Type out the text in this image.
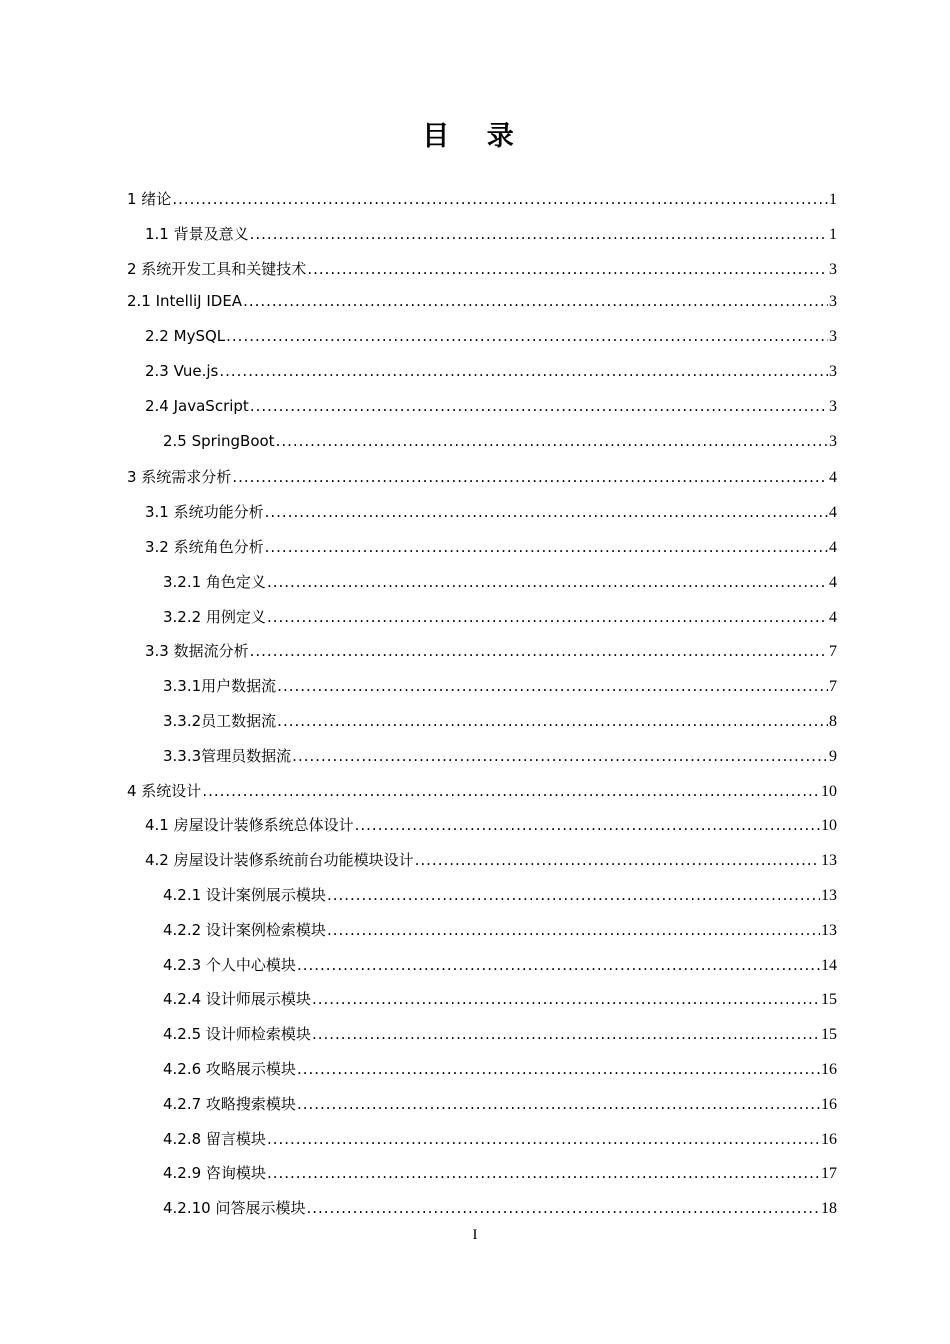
目 录
1 绪论 .....	1
1.1 背景及意义 .....	1
2 系统开发工具和关键技术 .....	3
2.1 IntelliJ IDEA .....	3
2.2 MySQL .....	3
2.3 Vue.js .....	3
2.4 JavaScript .....	3
2.5 SpringBoot .....	3
3 系统需求分析 .....	4
3.1 系统功能分析 .....	4
3.2 系统角色分析 .....	4
3.2.1 角色定义 .....	4
3.2.2 用例定义 .....	4
3.3 数据流分析 .....	7
3.3.1用户数据流 .....	7
3.3.2员工数据流 .....	8
3.3.3管理员数据流 .....	9
4 系统设计 .....	10
4.1 房屋设计装修系统总体设计 .....	10
4.2 房屋设计装修系统前台功能模块设计 .....	13
4.2.1 设计案例展示模块 .....	13
4.2.2 设计案例检索模块 .....	13
4.2.3 个人中心模块 .....	14
4.2.4 设计师展示模块 .....	15
4.2.5 设计师检索模块 .....	15
4.2.6 攻略展示模块 .....	16
4.2.7 攻略搜索模块 .....	16
4.2.8 留言模块 .....	16
4.2.9 咨询模块 .....	17
4.2.10 问答展示模块 .....	18
I
